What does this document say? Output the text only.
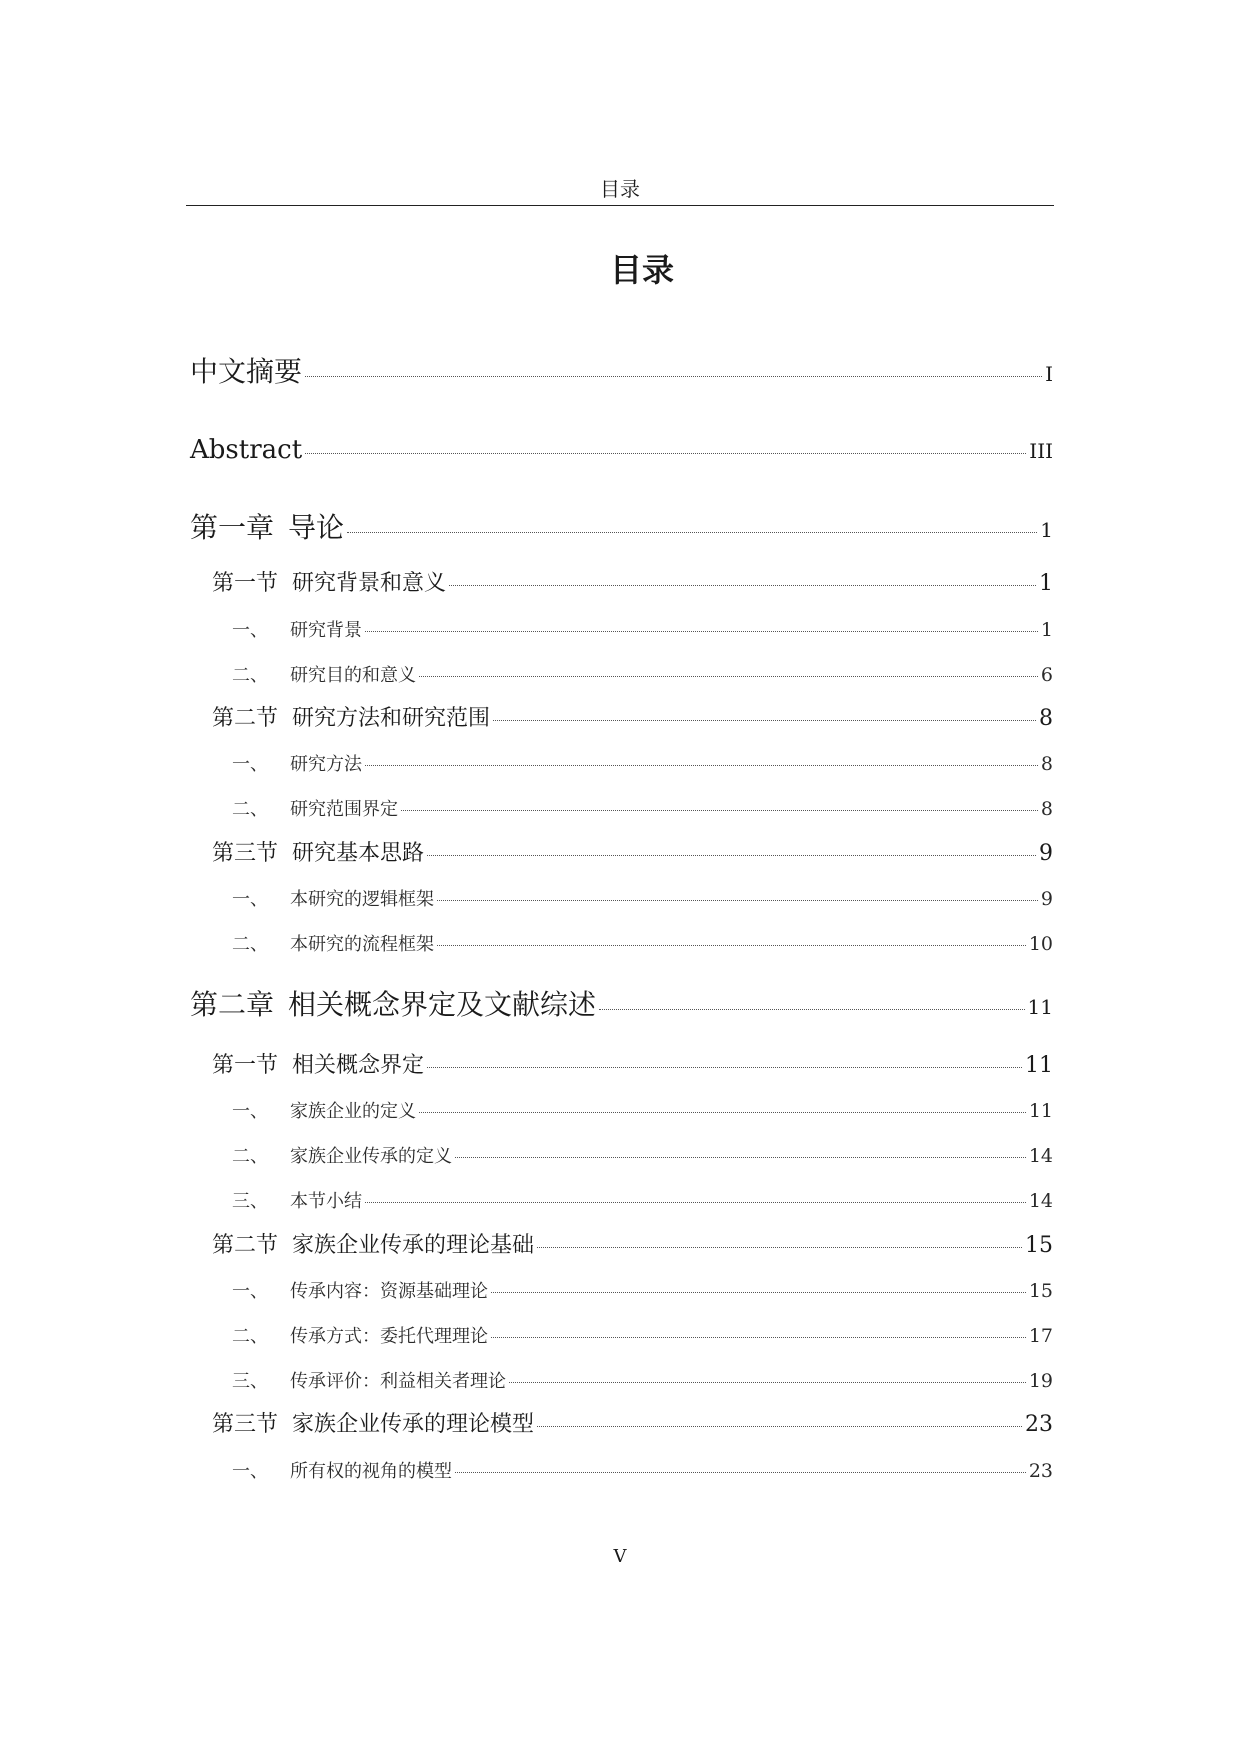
目录
目录
中文摘要	I
Abstract	III
第一章 导论	1
第一节 研究背景和意义	1
一、 研究背景	1
二、 研究目的和意义	6
第二节 研究方法和研究范围	8
一、 研究方法	8
二、 研究范围界定	8
第三节 研究基本思路	9
一、 本研究的逻辑框架	9
二、 本研究的流程框架	10
第二章 相关概念界定及文献综述	11
第一节 相关概念界定	11
一、 家族企业的定义	11
二、 家族企业传承的定义	14
三、 本节小结	14
第二节 家族企业传承的理论基础	15
一、 传承内容：资源基础理论	15
二、 传承方式：委托代理理论	17
三、 传承评价：利益相关者理论	19
第三节 家族企业传承的理论模型	23
一、 所有权的视角的模型	23
V
